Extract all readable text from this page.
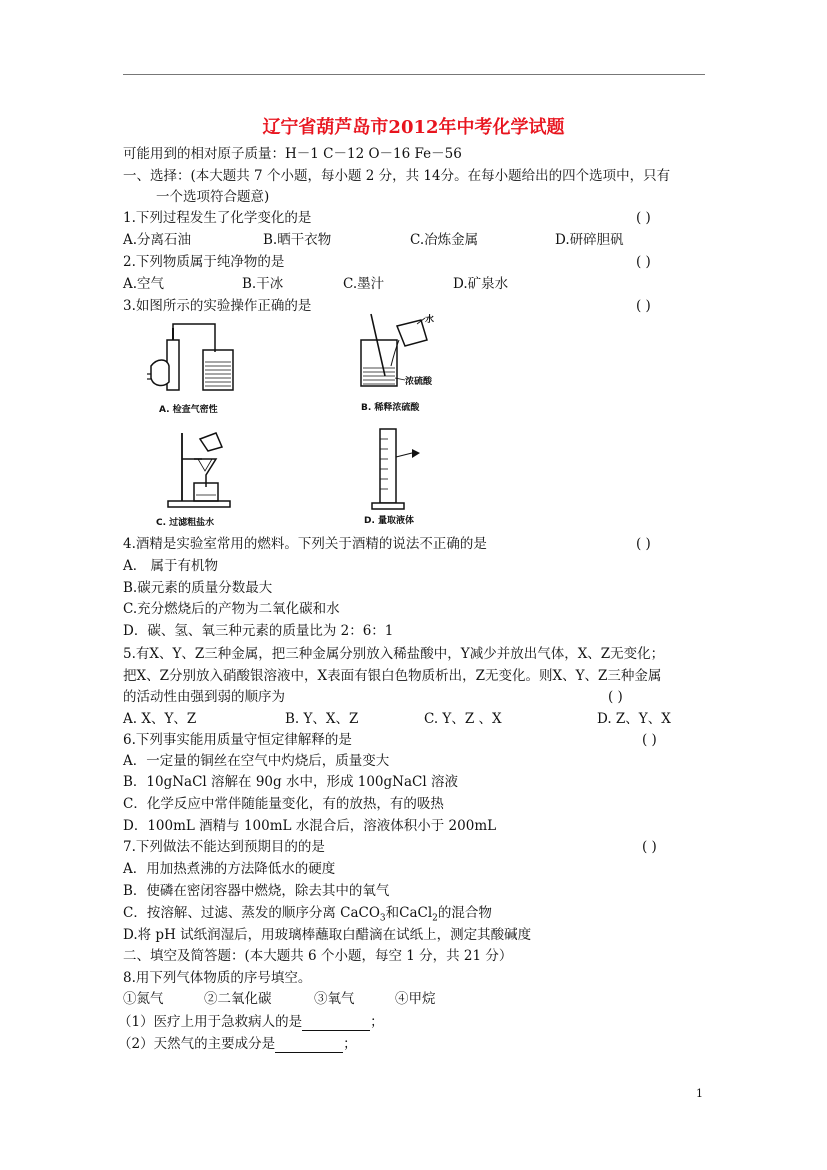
辽宁省葫芦岛市2012年中考化学试题
可能用到的相对原子质量：H－1 C－12 O－16 Fe－56
一、选择：(本大题共 7 个小题，每小题 2 分，共 14分。在每小题给出的四个选项中，只有
一个选项符合题意)
1.下列过程发生了化学变化的是	( )
A.分离石油	B.晒干衣物	C.冶炼金属	D.研碎胆矾
2.下列物质属于纯净物的是	( )
A.空气	B.干冰	C.墨汁	D.矿泉水
3.如图所示的实验操作正确的是	( )
A. 检查气密性
水
浓硫酸
B. 稀释浓硫酸
C. 过滤粗盐水	D. 量取液体
4.酒精是实验室常用的燃料。下列关于酒精的说法不正确的是	( )
A． 属于有机物
B.碳元素的质量分数最大
C.充分燃烧后的产物为二氧化碳和水
D．碳、氢、氧三种元素的质量比为 2：6：1
5.有X、Y、Z三种金属，把三种金属分别放入稀盐酸中，Y减少并放出气体，X、Z无变化；
把X、Z分别放入硝酸银溶液中，X表面有银白色物质析出，Z无变化。则X、Y、Z三种金属
的活动性由强到弱的顺序为	( )
A. X、Y、Z	B. Y、X、Z	C. Y、Z 、X	D. Z、Y、X
6.下列事实能用质量守恒定律解释的是	( )
A．一定量的铜丝在空气中灼烧后，质量变大
B．10gNaCl 溶解在 90g 水中，形成 100gNaCl 溶液
C．化学反应中常伴随能量变化，有的放热，有的吸热
D．100mL 酒精与 100mL 水混合后，溶液体积小于 200mL
7.下列做法不能达到预期目的的是	( )
A．用加热煮沸的方法降低水的硬度
B．使磷在密闭容器中燃烧，除去其中的氧气
C．按溶解、过滤、蒸发的顺序分离 CaCO$_3$和CaCl$_2$的混合物
D.将 pH 试纸润湿后，用玻璃棒蘸取白醋滴在试纸上，测定其酸碱度
二、填空及简答题：(本大题共 6 个小题，每空 1 分，共 21 分）
8.用下列气体物质的序号填空。
①氮气	②二氧化碳	③氧气	④甲烷
（1）医疗上用于急救病人的是	；
（2）天然气的主要成分是	；
1
